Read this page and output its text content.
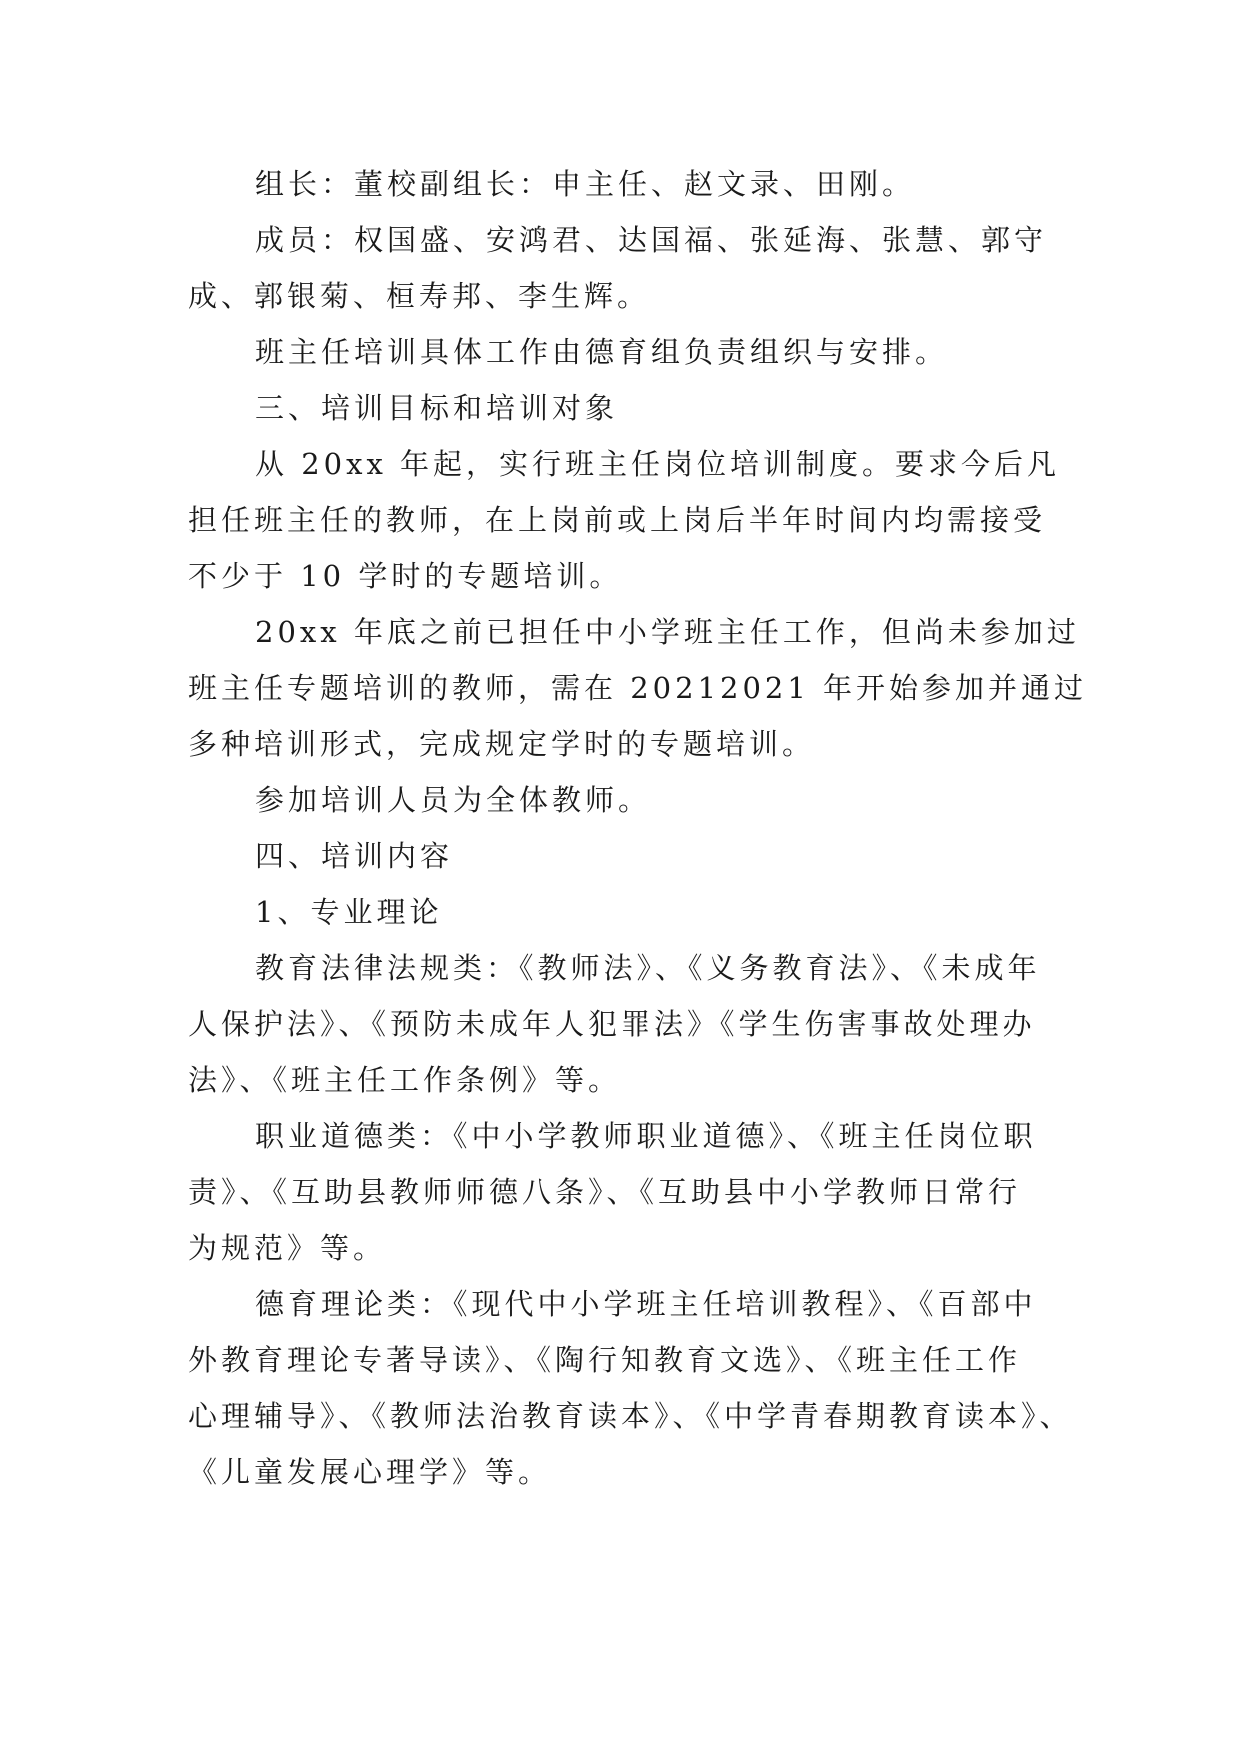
组长：董校副组长：申主任、赵文录、田刚。

成员：权国盛、安鸿君、达国福、张延海、张慧、郭守

成、郭银菊、桓寿邦、李生辉。

班主任培训具体工作由德育组负责组织与安排。

三、培训目标和培训对象

从 20xx 年起，实行班主任岗位培训制度。要求今后凡

担任班主任的教师，在上岗前或上岗后半年时间内均需接受

不少于 10 学时的专题培训。

20xx 年底之前已担任中小学班主任工作，但尚未参加过

班主任专题培训的教师，需在 20212021 年开始参加并通过

多种培训形式，完成规定学时的专题培训。

参加培训人员为全体教师。

四、培训内容

1、专业理论

教育法律法规类：《教师法》、《义务教育法》、《未成年

人保护法》、《预防未成年人犯罪法》《学生伤害事故处理办

法》、《班主任工作条例》等。

职业道德类：《中小学教师职业道德》、《班主任岗位职

责》、《互助县教师师德八条》、《互助县中小学教师日常行

为规范》等。

德育理论类：《现代中小学班主任培训教程》、《百部中

外教育理论专著导读》、《陶行知教育文选》、《班主任工作

心理辅导》、《教师法治教育读本》、《中学青春期教育读本》、

《儿童发展心理学》等。
